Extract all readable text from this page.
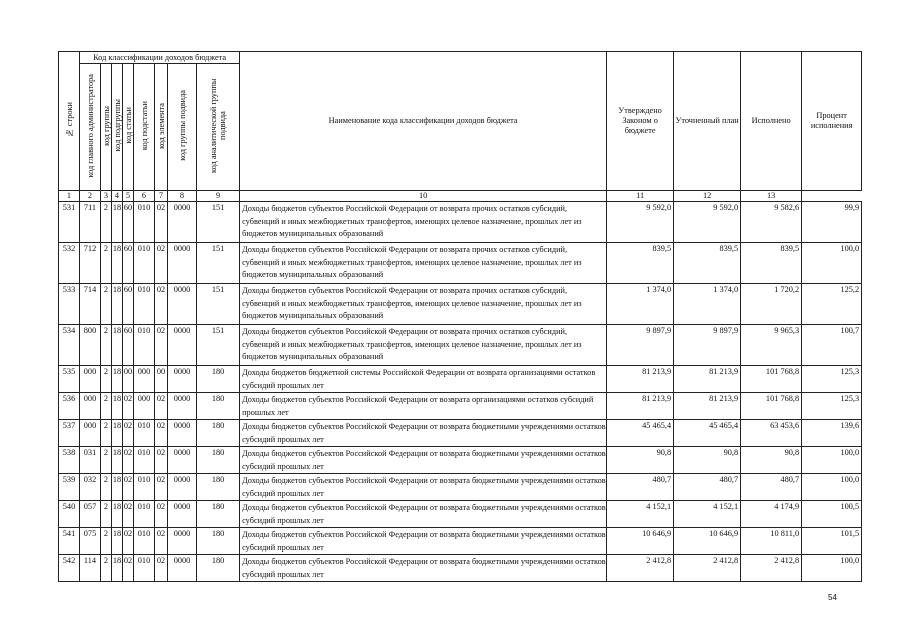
№ строки	Код классификации доходов бюджета								Наименование кода классификации доходов бюджета	Утверждено Законом о бюджете	Уточненный план	Исполнено	Процент исполнения
	код главного администратора	код группы	код подгруппы	код статьи	код подстатьи	код элемента	код группы подвида	код аналитической группы подвида					
1	2	3	4	5	6	7	8	9	10	11	12	13	
531	711	2	18	60	010	02	0000	151	Доходы бюджетов субъектов Российской Федерации от возврата прочих остатков субсидий, субвенций и иных межбюджетных трансфертов, имеющих целевое назначение, прошлых лет из бюджетов муниципальных образований	9 592,0	9 592,0	9 582,6	99,9
532	712	2	18	60	010	02	0000	151	Доходы бюджетов субъектов Российской Федерации от возврата прочих остатков субсидий, субвенций и иных межбюджетных трансфертов, имеющих целевое назначение, прошлых лет из бюджетов муниципальных образований	839,5	839,5	839,5	100,0
533	714	2	18	60	010	02	0000	151	Доходы бюджетов субъектов Российской Федерации от возврата прочих остатков субсидий, субвенций и иных межбюджетных трансфертов, имеющих целевое назначение, прошлых лет из бюджетов муниципальных образований	1 374,0	1 374,0	1 720,2	125,2
534	800	2	18	60	010	02	0000	151	Доходы бюджетов субъектов Российской Федерации от возврата прочих остатков субсидий, субвенций и иных межбюджетных трансфертов, имеющих целевое назначение, прошлых лет из бюджетов муниципальных образований	9 897,9	9 897,9	9 965,3	100,7
535	000	2	18	00	000	00	0000	180	Доходы бюджетов бюджетной системы Российской Федерации от возврата организациями остатков субсидий прошлых лет	81 213,9	81 213,9	101 768,8	125,3
536	000	2	18	02	000	02	0000	180	Доходы бюджетов субъектов Российской Федерации от возврата организациями остатков субсидий прошлых лет	81 213,9	81 213,9	101 768,8	125,3
537	000	2	18	02	010	02	0000	180	Доходы бюджетов субъектов Российской Федерации от возврата бюджетными учреждениями остатков субсидий прошлых лет	45 465,4	45 465,4	63 453,6	139,6
538	031	2	18	02	010	02	0000	180	Доходы бюджетов субъектов Российской Федерации от возврата бюджетными учреждениями остатков субсидий прошлых лет	90,8	90,8	90,8	100,0
539	032	2	18	02	010	02	0000	180	Доходы бюджетов субъектов Российской Федерации от возврата бюджетными учреждениями остатков субсидий прошлых лет	480,7	480,7	480,7	100,0
540	057	2	18	02	010	02	0000	180	Доходы бюджетов субъектов Российской Федерации от возврата бюджетными учреждениями остатков субсидий прошлых лет	4 152,1	4 152,1	4 174,9	100,5
541	075	2	18	02	010	02	0000	180	Доходы бюджетов субъектов Российской Федерации от возврата бюджетными учреждениями остатков субсидий прошлых лет	10 646,9	10 646,9	10 811,0	101,5
542	114	2	18	02	010	02	0000	180	Доходы бюджетов субъектов Российской Федерации от возврата бюджетными учреждениями остатков субсидий прошлых лет	2 412,8	2 412,8	2 412,8	100,0
54
